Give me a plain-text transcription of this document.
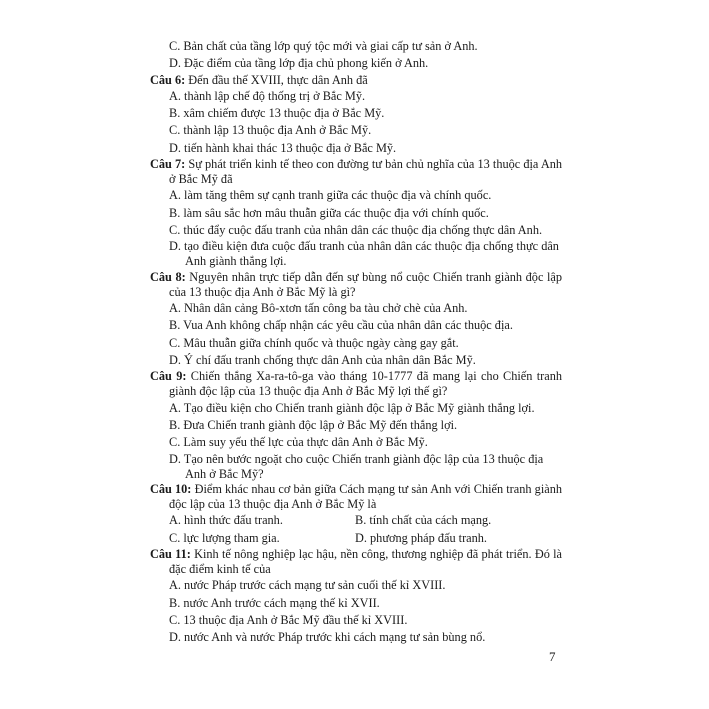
C. Bản chất của tầng lớp quý tộc mới và giai cấp tư sản ở Anh.
D. Đặc điểm của tầng lớp địa chủ phong kiến ở Anh.

Câu 6: Đến đầu thế XVIII, thực dân Anh đã

A. thành lập chế độ thống trị ở Bắc Mỹ.
B. xâm chiếm được 13 thuộc địa ở Bắc Mỹ.
C. thành lập 13 thuộc địa Anh ở Bắc Mỹ.
D. tiến hành khai thác 13 thuộc địa ở Bắc Mỹ.

Câu 7: Sự phát triển kinh tế theo con đường tư bản chủ nghĩa của 13 thuộc địa Anh ở Bắc Mỹ đã

A. làm tăng thêm sự cạnh tranh giữa các thuộc địa và chính quốc.
B. làm sâu sắc hơn mâu thuẫn giữa các thuộc địa với chính quốc.
C. thúc đẩy cuộc đấu tranh của nhân dân các thuộc địa chống thực dân Anh.

D. tạo điều kiện đưa cuộc đấu tranh của nhân dân các thuộc địa chống thực dân Anh giành thắng lợi.

Câu 8: Nguyên nhân trực tiếp dẫn đến sự bùng nổ cuộc Chiến tranh giành độc lập của 13 thuộc địa Anh ở Bắc Mỹ là gì?

A. Nhân dân cảng Bô-xtơn tấn công ba tàu chở chè của Anh.
B. Vua Anh không chấp nhận các yêu cầu của nhân dân các thuộc địa.
C. Mâu thuẫn giữa chính quốc và thuộc ngày càng gay gắt.
D. Ý chí đấu tranh chống thực dân Anh của nhân dân Bắc Mỹ.

Câu 9: Chiến thắng Xa-ra-tô-ga vào tháng 10-1777 đã mang lại cho Chiến tranh giành độc lập của 13 thuộc địa Anh ở Bắc Mỹ lợi thế gì?

A. Tạo điều kiện cho Chiến tranh giành độc lập ở Bắc Mỹ giành thắng lợi.
B. Đưa Chiến tranh giành độc lập ở Bắc Mỹ đến thắng lợi.
C. Làm suy yếu thế lực của thực dân Anh ở Bắc Mỹ.

D. Tạo nên bước ngoặt cho cuộc Chiến tranh giành độc lập của 13 thuộc địa Anh ở Bắc Mỹ?

Câu 10: Điểm khác nhau cơ bản giữa Cách mạng tư sản Anh với Chiến tranh giành độc lập của 13 thuộc địa Anh ở Bắc Mỹ là

A. hình thức đấu tranh.	B. tính chất của cách mạng.
C. lực lượng tham gia.	D. phương pháp đấu tranh.

Câu 11: Kinh tế nông nghiệp lạc hậu, nền công, thương nghiệp đã phát triển. Đó là đặc điểm kinh tế của

A. nước Pháp trước cách mạng tư sản cuối thế kỉ XVIII.
B. nước Anh trước cách mạng thế kỉ XVII.
C. 13 thuộc địa Anh ở Bắc Mỹ đầu thế kỉ XVIII.
D. nước Anh và nước Pháp trước khi cách mạng tư sản bùng nổ.
7
